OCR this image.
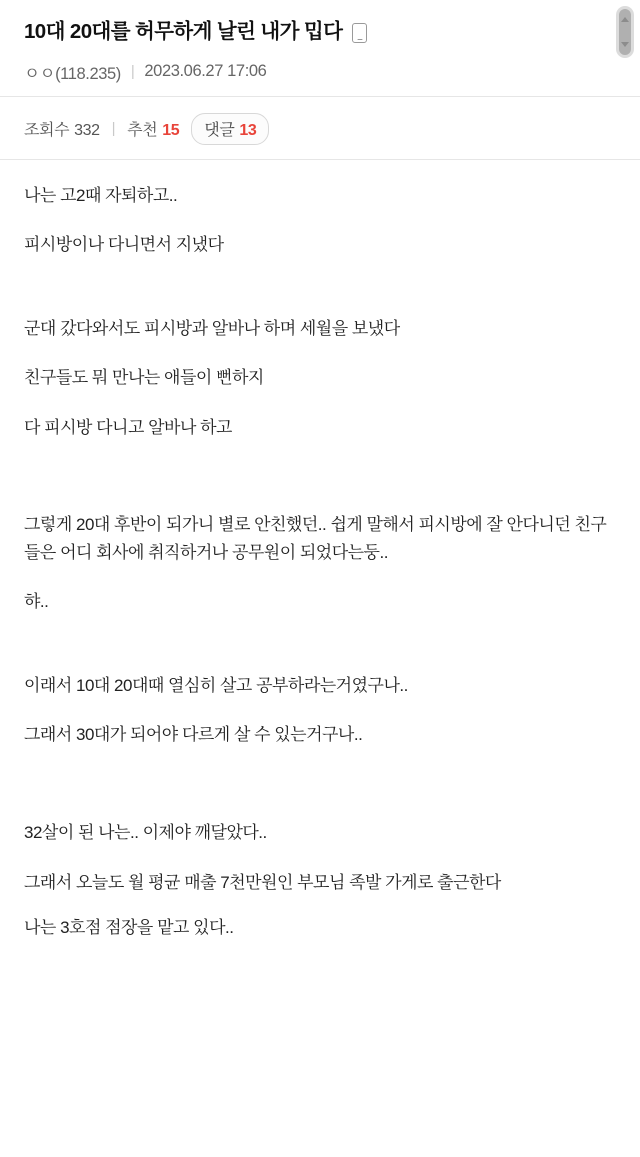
10대 20대를 허무하게 날린 내가 밉다
ㅇㅇ(118.235) | 2023.06.27 17:06
조회수 332 | 추천 15 댓글 13

나는 고2때 자퇴하고..

피시방이나 다니면서 지냈다

군대 갔다와서도 피시방과 알바나 하며 세월을 보냈다

친구들도 뭐 만나는 애들이 뻔하지

다 피시방 다니고 알바나 하고

그렇게 20대 후반이 되가니 별로 안친했던.. 쉽게 말해서 피시방에 잘 안다니던 친구들은 어디 회사에 취직하거나 공무원이 되었다는둥..

햐..

이래서 10대 20대때 열심히 살고 공부하라는거였구나..

그래서 30대가 되어야 다르게 살 수 있는거구나..

32살이 된 나는.. 이제야 깨달았다..

그래서 오늘도 월 평균 매출 7천만원인 부모님 족발 가게로 출근한다

나는 3호점 점장을 맡고 있다..
